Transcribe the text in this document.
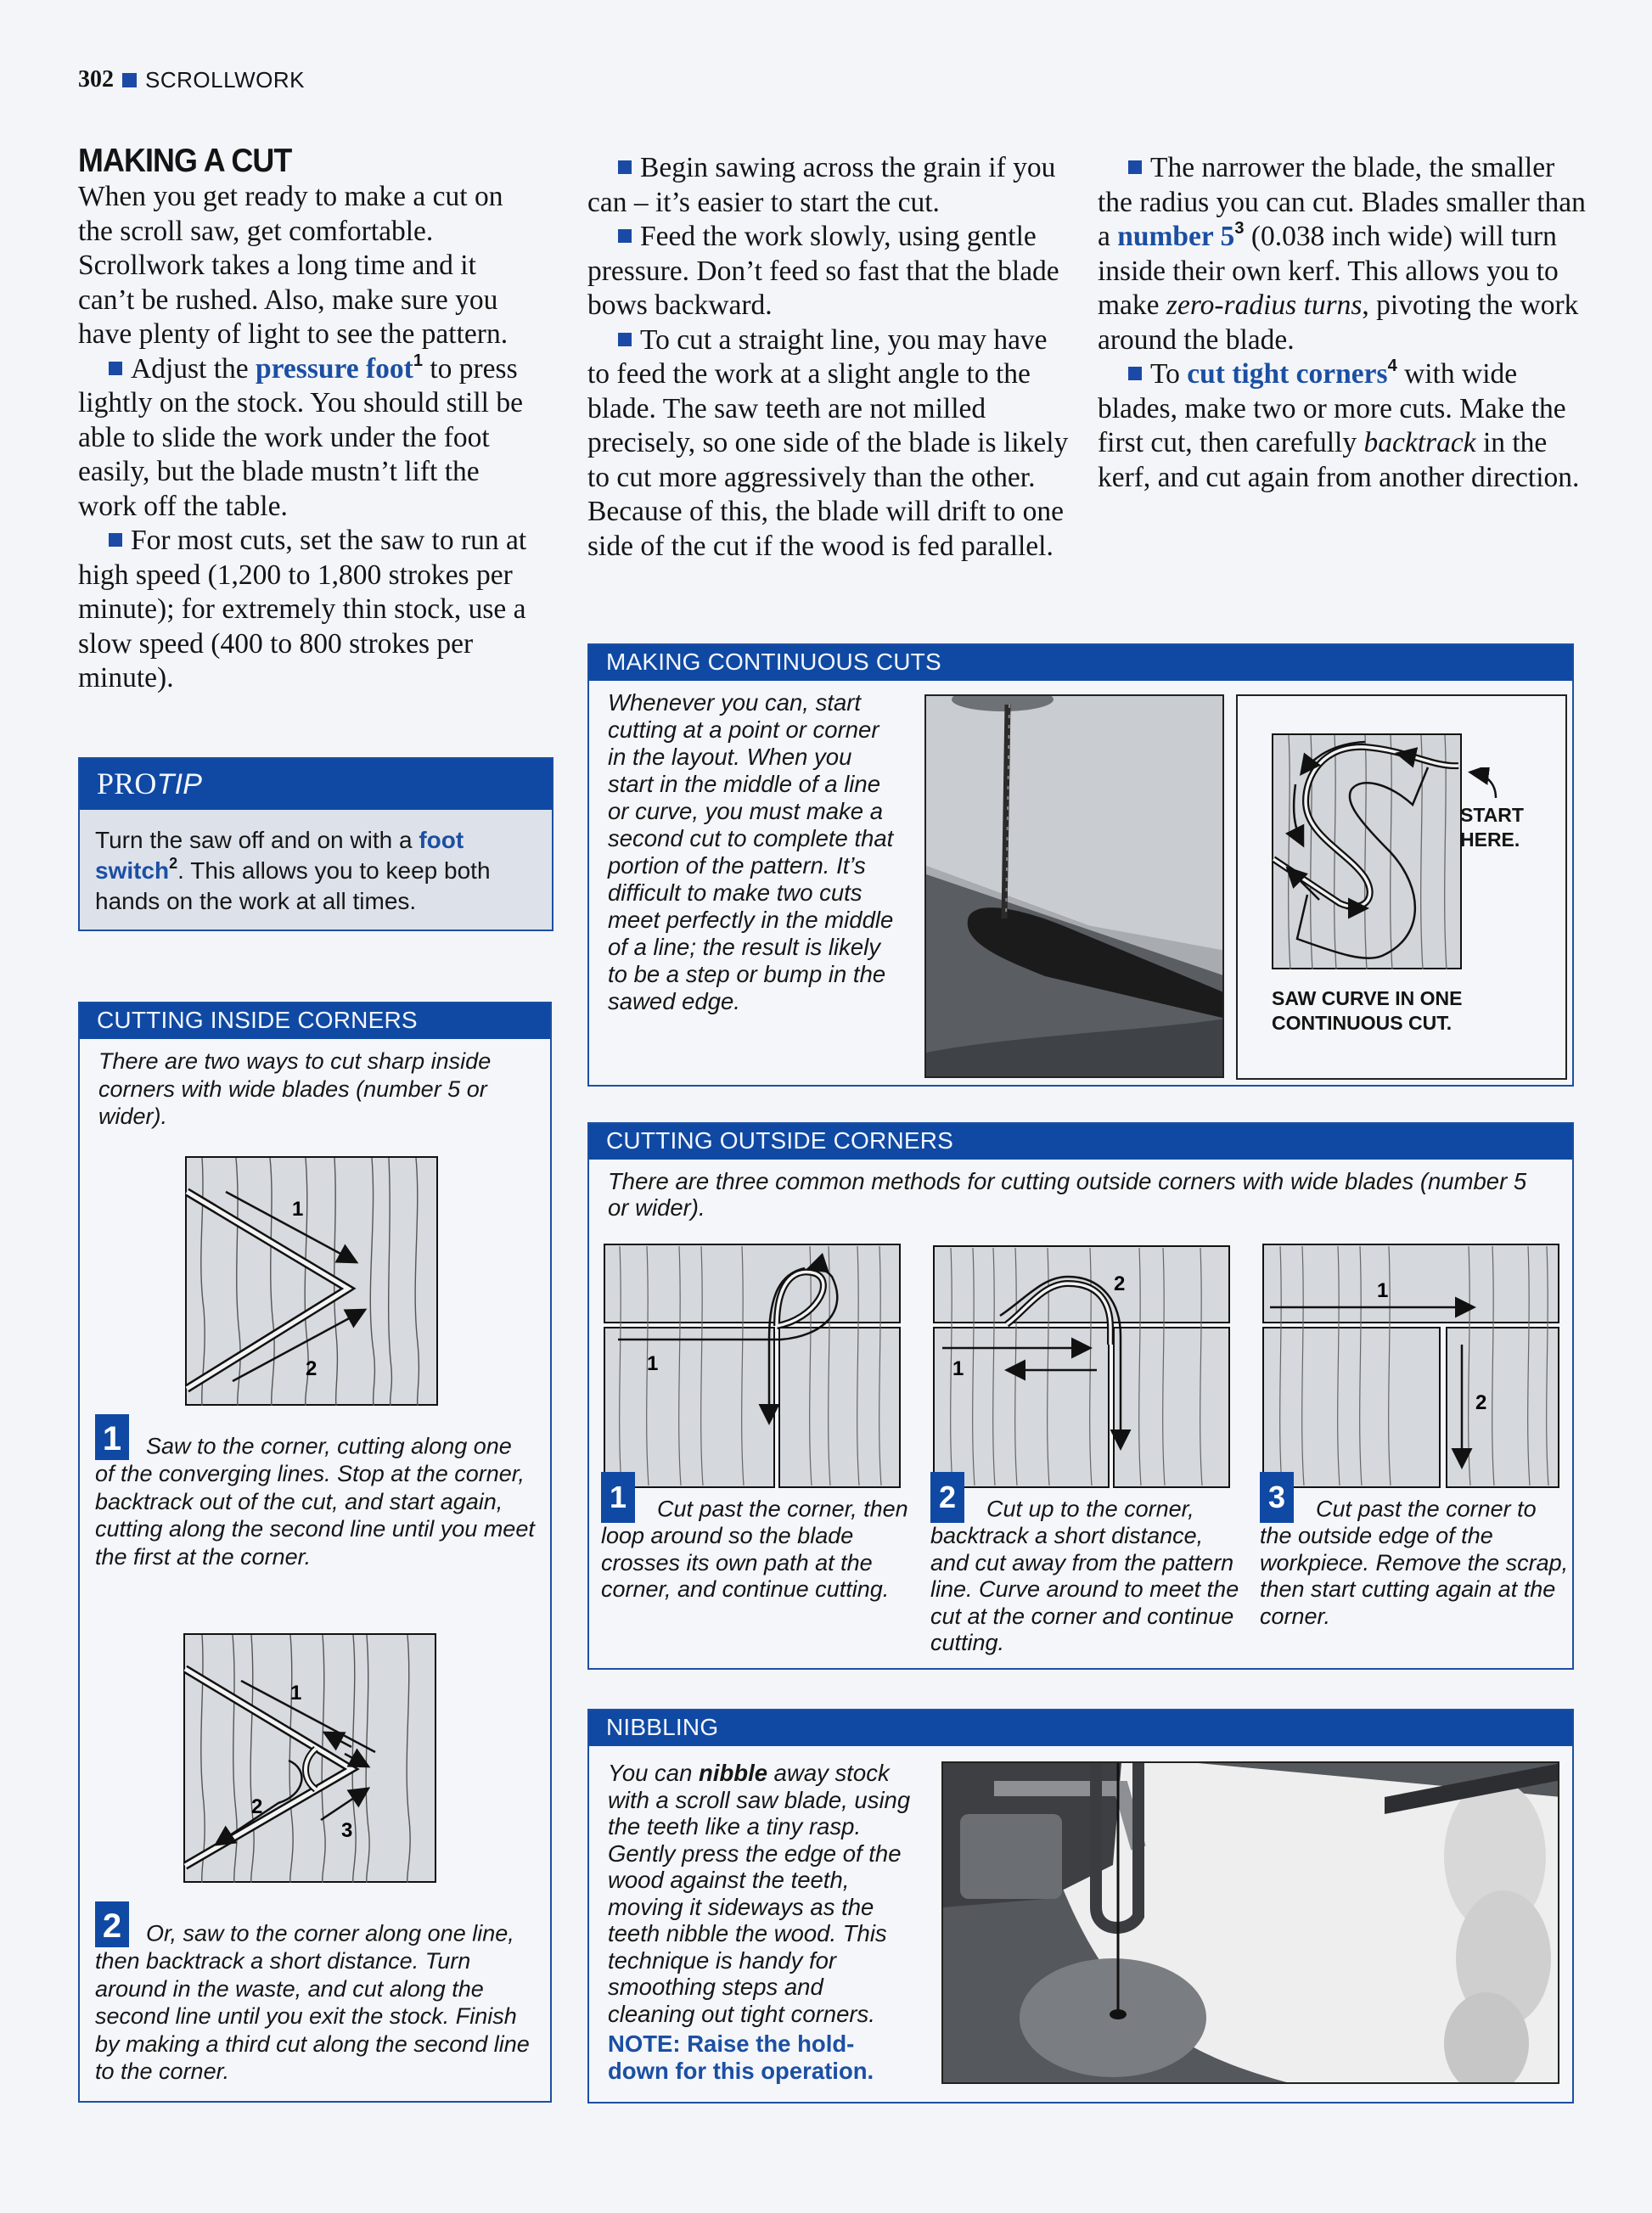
302 SCROLLWORK
MAKING A CUT

When you get ready to make a cut on the scroll saw, get comfortable. Scrollwork takes a long time and it can’t be rushed. Also, make sure you have plenty of light to see the pattern.

Adjust the pressure foot$^1$ to press lightly on the stock. You should still be able to slide the work under the foot easily, but the blade mustn’t lift the work off the table.

For most cuts, set the saw to run at high speed (1,200 to 1,800 strokes per minute); for extremely thin stock, use a slow speed (400 to 800 strokes per minute).

Begin sawing across the grain if you can – it’s easier to start the cut.

Feed the work slowly, using gentle pressure. Don’t feed so fast that the blade bows backward.

To cut a straight line, you may have to feed the work at a slight angle to the blade. The saw teeth are not milled precisely, so one side of the blade is likely to cut more aggressively than the other. Because of this, the blade will drift to one side of the cut if the wood is fed parallel.

The narrower the blade, the smaller the radius you can cut. Blades smaller than a number $5^3$ (0.038 inch wide) will turn inside their own kerf. This allows you to make zero-radius turns, pivoting the work around the blade.

To cut tight corners$^4$ with wide blades, make two or more cuts. Make the first cut, then carefully backtrack in the kerf, and cut again from another direction.

PROTIP
Turn the saw off and on with a foot switch$^2$. This allows you to keep both hands on the work at all times.
CUTTING INSIDE CORNERS
There are two ways to cut sharp inside corners with wide blades (number 5 or wider).
1
2
1 Saw to the corner, cutting along one of the converging lines. Stop at the corner, backtrack out of the cut, and start again, cutting along the second line until you meet the first at the corner.
1
2
3
2 Or, saw to the corner along one line, then backtrack a short distance. Turn around in the waste, and cut along the second line until you exit the stock. Finish by making a third cut along the second line to the corner.
MAKING CONTINUOUS CUTS
Whenever you can, start cutting at a point or corner in the layout. When you start in the middle of a line or curve, you must make a second cut to complete that portion of the pattern. It’s difficult to make two cuts meet perfectly in the middle of a line; the result is likely to be a step or bump in the sawed edge.
START
HERE.
SAW CURVE IN ONE
CONTINUOUS CUT.
CUTTING OUTSIDE CORNERS
There are three common methods for cutting outside corners with wide blades (number 5 or wider).
1	1
2	1
2
1 Cut past the corner, then loop around so the blade crosses its own path at the corner, and continue cutting.
2 Cut up to the corner, backtrack a short distance, and cut away from the pattern line. Curve around to meet the cut at the corner and continue cutting.
3 Cut past the corner to the outside edge of the workpiece. Remove the scrap, then start cutting again at the corner.
NIBBLING
You can nibble away stock with a scroll saw blade, using the teeth like a tiny rasp. Gently press the edge of the wood against the teeth, moving it sideways as the teeth nibble the wood. This technique is handy for smoothing steps and cleaning out tight corners.
NOTE: Raise the hold-down for this operation.
